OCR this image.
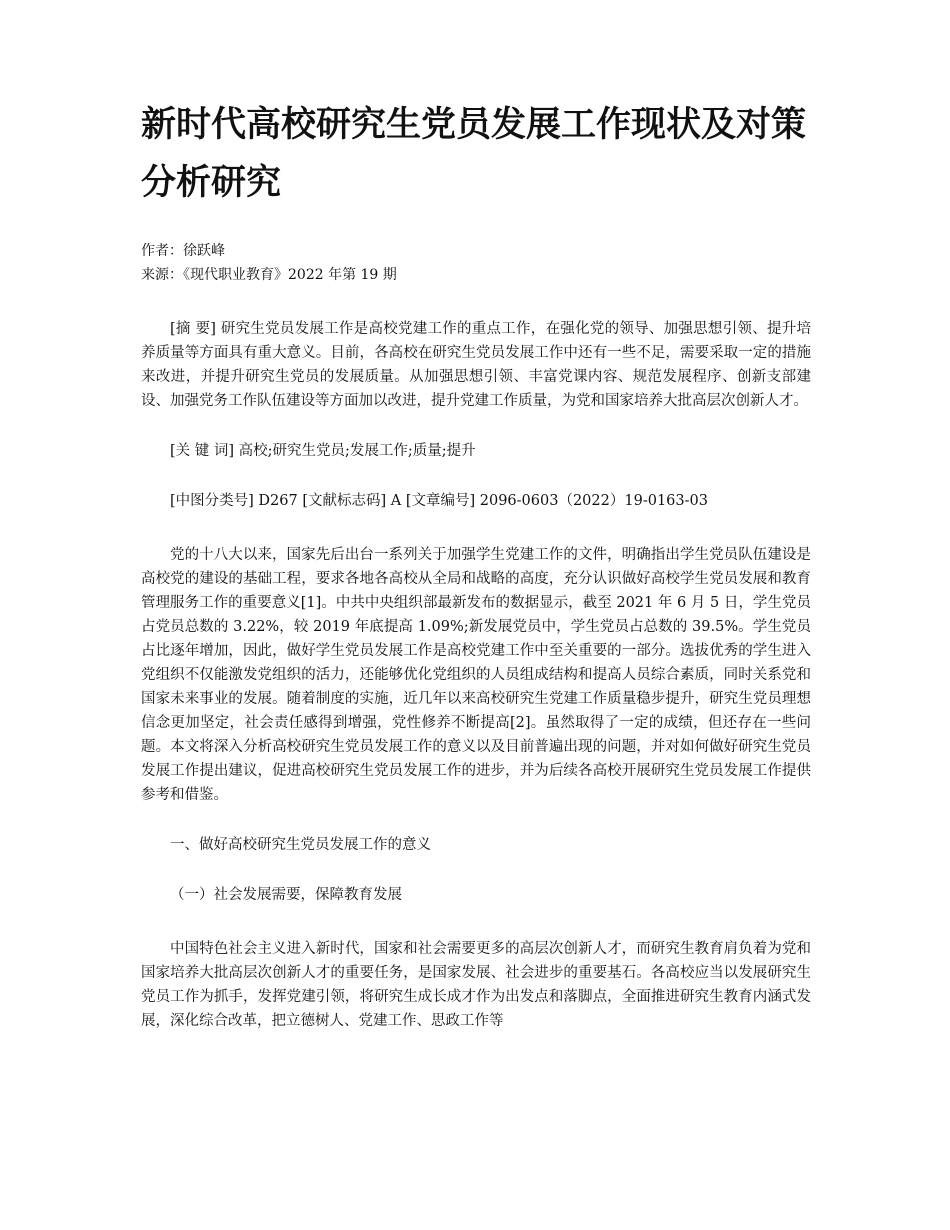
新时代高校研究生党员发展工作现状及对策分析研究
作者：徐跃峰
来源：《现代职业教育》2022 年第 19 期

[摘 要] 研究生党员发展工作是高校党建工作的重点工作，在强化党的领导、加强思想引领、提升培养质量等方面具有重大意义。目前，各高校在研究生党员发展工作中还有一些不足，需要采取一定的措施来改进，并提升研究生党员的发展质量。从加强思想引领、丰富党课内容、规范发展程序、创新支部建设、加强党务工作队伍建设等方面加以改进，提升党建工作质量，为党和国家培养大批高层次创新人才。

[关 键 词] 高校;研究生党员;发展工作;质量;提升

[中图分类号] D267 [文献标志码] A [文章编号] 2096-0603（2022）19-0163-03

党的十八大以来，国家先后出台一系列关于加强学生党建工作的文件，明确指出学生党员队伍建设是高校党的建设的基础工程，要求各地各高校从全局和战略的高度，充分认识做好高校学生党员发展和教育管理服务工作的重要意义[1]。中共中央组织部最新发布的数据显示，截至 2021 年 6 月 5 日，学生党员占党员总数的 3.22%，较 2019 年底提高 1.09%;新发展党员中，学生党员占总数的 39.5%。学生党员占比逐年增加，因此，做好学生党员发展工作是高校党建工作中至关重要的一部分。选拔优秀的学生进入党组织不仅能激发党组织的活力，还能够优化党组织的人员组成结构和提高人员综合素质，同时关系党和国家未来事业的发展。随着制度的实施，近几年以来高校研究生党建工作质量稳步提升，研究生党员理想信念更加坚定，社会责任感得到增强，党性修养不断提高[2]。虽然取得了一定的成绩，但还存在一些问题。本文将深入分析高校研究生党员发展工作的意义以及目前普遍出现的问题，并对如何做好研究生党员发展工作提出建议，促进高校研究生党员发展工作的进步，并为后续各高校开展研究生党员发展工作提供参考和借鉴。

一、做好高校研究生党员发展工作的意义

（一）社会发展需要，保障教育发展

中国特色社会主义进入新时代，国家和社会需要更多的高层次创新人才，而研究生教育肩负着为党和国家培养大批高层次创新人才的重要任务，是国家发展、社会进步的重要基石。各高校应当以发展研究生党员工作为抓手，发挥党建引领，将研究生成长成才作为出发点和落脚点，全面推进研究生教育内涵式发展，深化综合改革，把立德树人、党建工作、思政工作等
